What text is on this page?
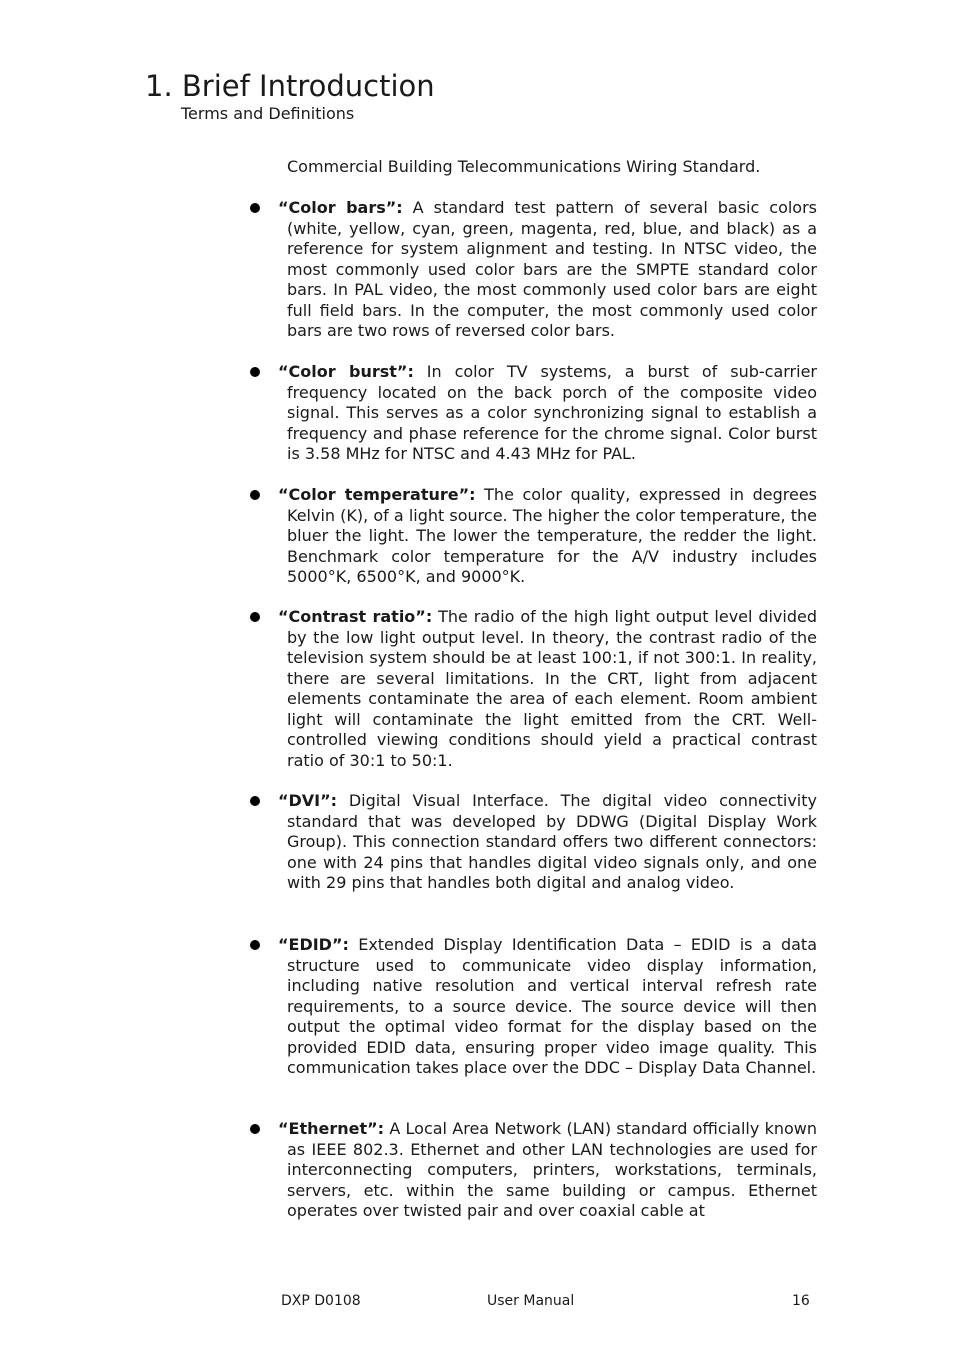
1. Brief Introduction
Terms and Definitions

Commercial Building Telecommunications Wiring Standard.

“Color bars”: A standard test pattern of several basic colors (white, yellow, cyan, green, magenta, red, blue, and black) as a reference for system alignment and testing. In NTSC video, the most commonly used color bars are the SMPTE standard color bars. In PAL video, the most commonly used color bars are eight full field bars. In the computer, the most commonly used color bars are two rows of reversed color bars.

“Color burst”: In color TV systems, a burst of sub-carrier frequency located on the back porch of the composite video signal. This serves as a color synchronizing signal to establish a frequency and phase reference for the chrome signal. Color burst is 3.58 MHz for NTSC and 4.43 MHz for PAL.

“Color temperature”: The color quality, expressed in degrees Kelvin (K), of a light source. The higher the color temperature, the bluer the light. The lower the temperature, the redder the light. Benchmark color temperature for the A/V industry includes 5000°K, 6500°K, and 9000°K.

“Contrast ratio”: The radio of the high light output level divided by the low light output level. In theory, the contrast radio of the television system should be at least 100:1, if not 300:1. In reality, there are several limitations. In the CRT, light from adjacent elements contaminate the area of each element. Room ambient light will contaminate the light emitted from the CRT. Well-controlled viewing conditions should yield a practical contrast ratio of 30:1 to 50:1.

“DVI”: Digital Visual Interface. The digital video connectivity standard that was developed by DDWG (Digital Display Work Group). This connection standard offers two different connectors: one with 24 pins that handles digital video signals only, and one with 29 pins that handles both digital and analog video.

“EDID”: Extended Display Identification Data – EDID is a data structure used to communicate video display information, including native resolution and vertical interval refresh rate requirements, to a source device. The source device will then output the optimal video format for the display based on the provided EDID data, ensuring proper video image quality. This communication takes place over the DDC – Display Data Channel.

“Ethernet”: A Local Area Network (LAN) standard officially known as IEEE 802.3. Ethernet and other LAN technologies are used for interconnecting computers, printers, workstations, terminals, servers, etc. within the same building or campus. Ethernet operates over twisted pair and over coaxial cable at

DXP D0108	User Manual	16
